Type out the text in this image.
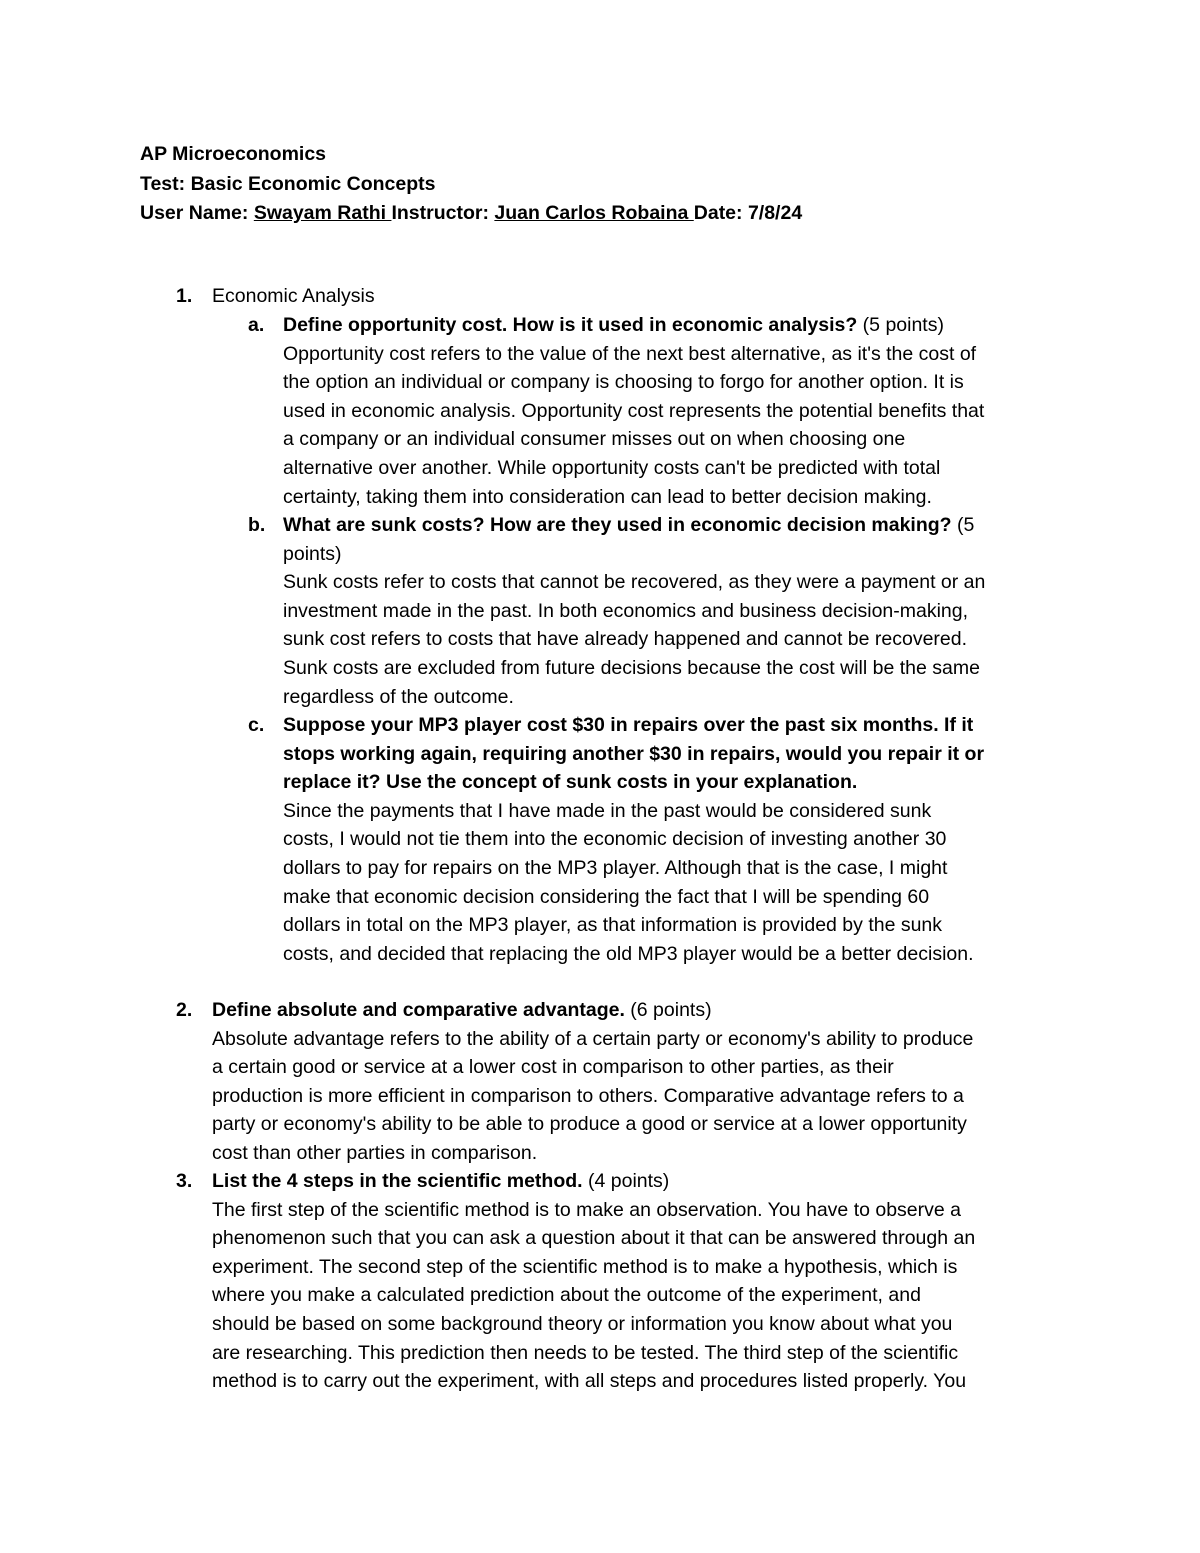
AP Microeconomics
Test: Basic Economic Concepts
User Name: Swayam Rathi Instructor: Juan Carlos Robaina Date: 7/8/24
1. Economic Analysis
a. Define opportunity cost. How is it used in economic analysis? (5 points)
Opportunity cost refers to the value of the next best alternative, as it's the cost of
the option an individual or company is choosing to forgo for another option. It is
used in economic analysis. Opportunity cost represents the potential benefits that
a company or an individual consumer misses out on when choosing one
alternative over another. While opportunity costs can't be predicted with total
certainty, taking them into consideration can lead to better decision making.
b. What are sunk costs? How are they used in economic decision making? (5
points)
Sunk costs refer to costs that cannot be recovered, as they were a payment or an
investment made in the past. In both economics and business decision-making,
sunk cost refers to costs that have already happened and cannot be recovered.
Sunk costs are excluded from future decisions because the cost will be the same
regardless of the outcome.
c. Suppose your MP3 player cost $30 in repairs over the past six months. If it
stops working again, requiring another $30 in repairs, would you repair it or
replace it? Use the concept of sunk costs in your explanation.
Since the payments that I have made in the past would be considered sunk
costs, I would not tie them into the economic decision of investing another 30
dollars to pay for repairs on the MP3 player. Although that is the case, I might
make that economic decision considering the fact that I will be spending 60
dollars in total on the MP3 player, as that information is provided by the sunk
costs, and decided that replacing the old MP3 player would be a better decision.
2. Define absolute and comparative advantage. (6 points)
Absolute advantage refers to the ability of a certain party or economy's ability to produce
a certain good or service at a lower cost in comparison to other parties, as their
production is more efficient in comparison to others. Comparative advantage refers to a
party or economy's ability to be able to produce a good or service at a lower opportunity
cost than other parties in comparison.
3. List the 4 steps in the scientific method. (4 points)
The first step of the scientific method is to make an observation. You have to observe a
phenomenon such that you can ask a question about it that can be answered through an
experiment. The second step of the scientific method is to make a hypothesis, which is
where you make a calculated prediction about the outcome of the experiment, and
should be based on some background theory or information you know about what you
are researching. This prediction then needs to be tested. The third step of the scientific
method is to carry out the experiment, with all steps and procedures listed properly. You
